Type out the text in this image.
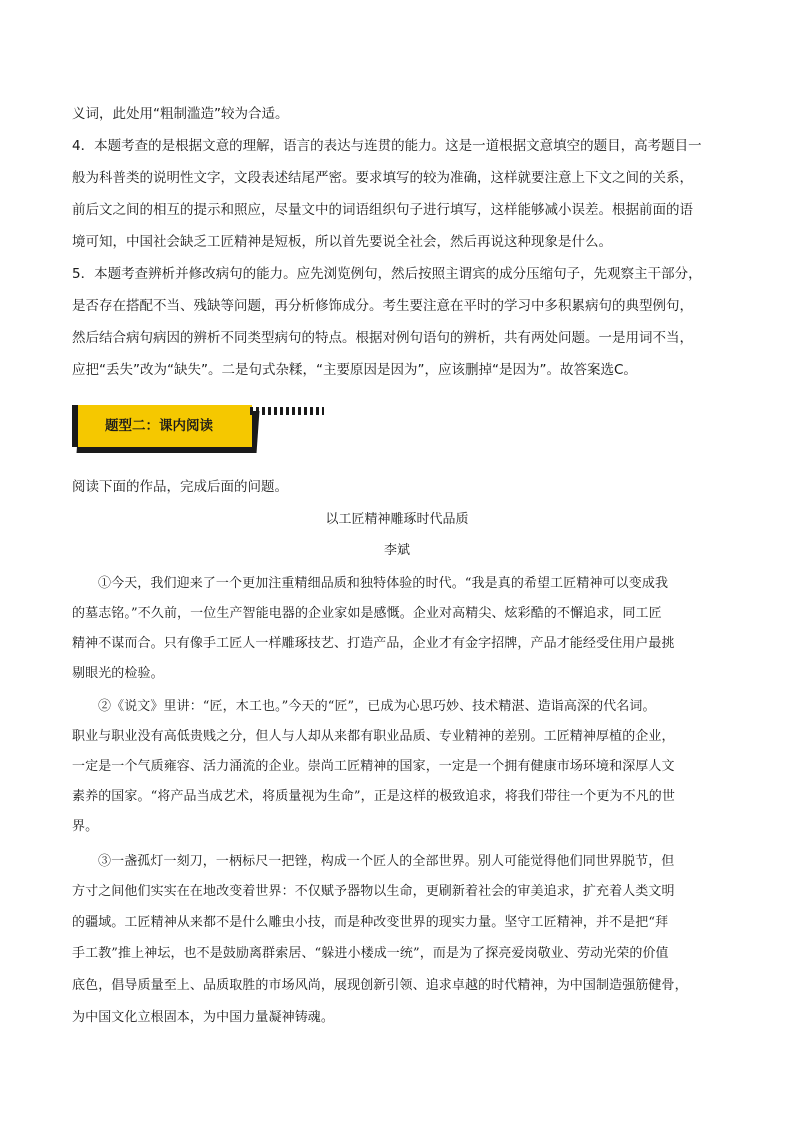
义词，此处用“粗制滥造”较为合适。
4．本题考查的是根据文意的理解，语言的表达与连贯的能力。这是一道根据文意填空的题目，高考题目一
般为科普类的说明性文字，文段表述结尾严密。要求填写的较为准确，这样就要注意上下文之间的关系，
前后文之间的相互的提示和照应，尽量文中的词语组织句子进行填写，这样能够减小误差。根据前面的语
境可知，中国社会缺乏工匠精神是短板，所以首先要说全社会，然后再说这种现象是什么。
5．本题考查辨析并修改病句的能力。应先浏览例句，然后按照主谓宾的成分压缩句子，先观察主干部分，
是否存在搭配不当、残缺等问题，再分析修饰成分。考生要注意在平时的学习中多积累病句的典型例句，
然后结合病句病因的辨析不同类型病句的特点。根据对例句语句的辨析，共有两处问题。一是用词不当，
应把“丢失”改为“缺失”。二是句式杂糅，“主要原因是因为”，应该删掉“是因为”。故答案选C。
题型二：课内阅读
阅读下面的作品，完成后面的问题。
以工匠精神雕琢时代品质
李斌
①今天，我们迎来了一个更加注重精细品质和独特体验的时代。“我是真的希望工匠精神可以变成我
的墓志铭。”不久前，一位生产智能电器的企业家如是感慨。企业对高精尖、炫彩酷的不懈追求，同工匠
精神不谋而合。只有像手工匠人一样雕琢技艺、打造产品，企业才有金字招牌，产品才能经受住用户最挑
剔眼光的检验。
②《说文》里讲：“匠，木工也。”今天的“匠”，已成为心思巧妙、技术精湛、造诣高深的代名词。
职业与职业没有高低贵贱之分，但人与人却从来都有职业品质、专业精神的差别。工匠精神厚植的企业，
一定是一个气质雍容、活力涌流的企业。崇尚工匠精神的国家，一定是一个拥有健康市场环境和深厚人文
素养的国家。“将产品当成艺术，将质量视为生命”，正是这样的极致追求，将我们带往一个更为不凡的世
界。
③一盏孤灯一刻刀，一柄标尺一把锉，构成一个匠人的全部世界。别人可能觉得他们同世界脱节，但
方寸之间他们实实在在地改变着世界：不仅赋予器物以生命，更刷新着社会的审美追求，扩充着人类文明
的疆域。工匠精神从来都不是什么雕虫小技，而是种改变世界的现实力量。坚守工匠精神，并不是把“拜
手工教”推上神坛，也不是鼓励离群索居、“躲进小楼成一统”，而是为了探亮爱岗敬业、劳动光荣的价值
底色，倡导质量至上、品质取胜的市场风尚，展现创新引领、追求卓越的时代精神，为中国制造强筋健骨，
为中国文化立根固本，为中国力量凝神铸魂。
